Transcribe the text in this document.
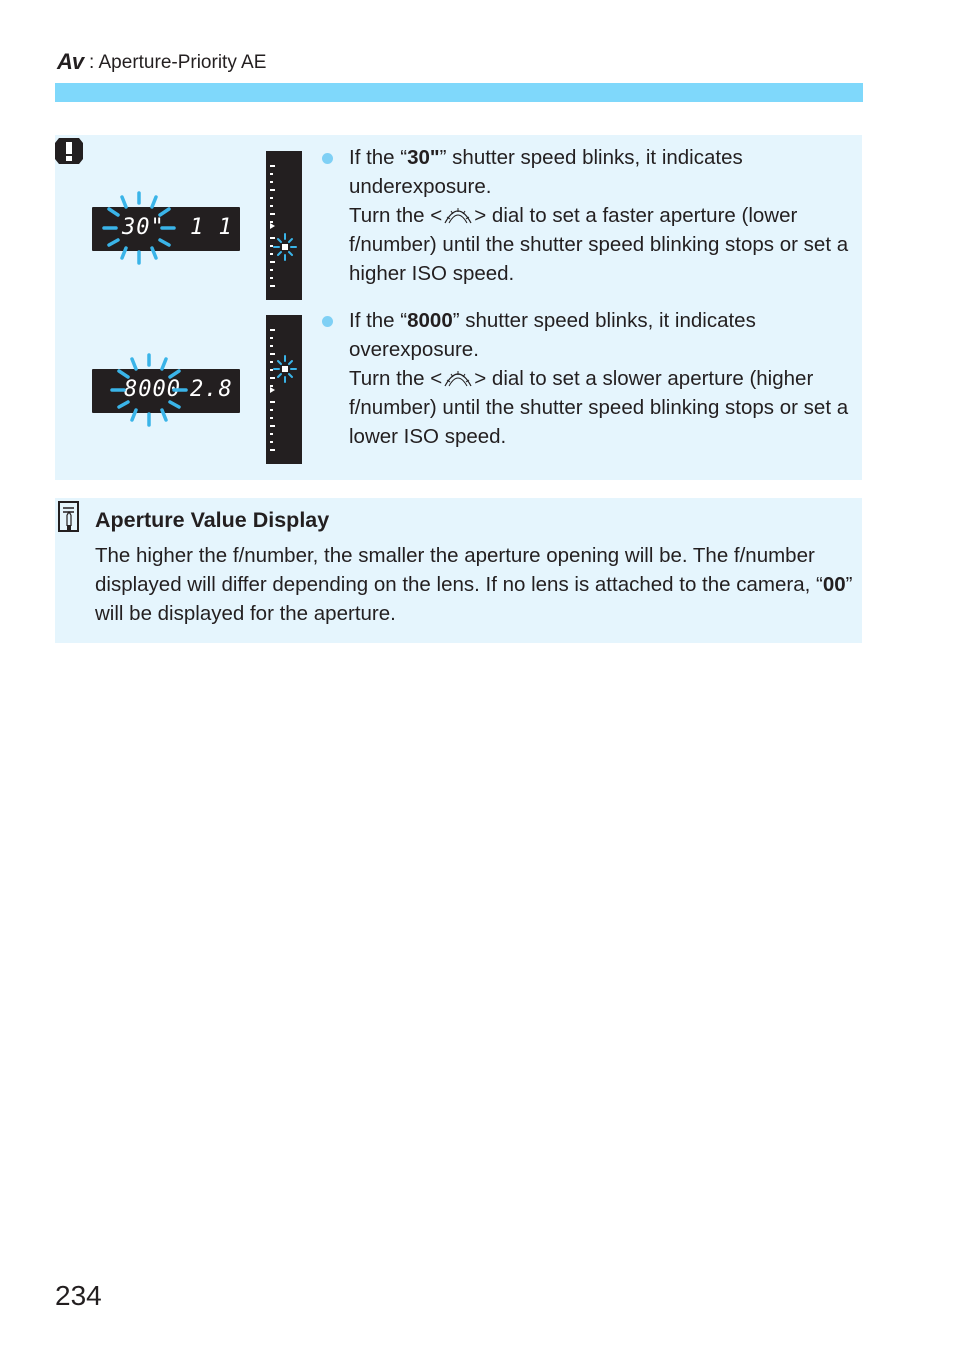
Av : Aperture-Priority AE
30" 1 1
If the “30"” shutter speed blinks, it indicates underexposure.
Turn the < > dial to set a faster aperture (lower f/number) until the shutter speed blinking stops or set a higher ISO speed.
8000 2.8
If the “8000” shutter speed blinks, it indicates overexposure.
Turn the < > dial to set a slower aperture (higher f/number) until the shutter speed blinking stops or set a lower ISO speed.
Aperture Value Display
The higher the f/number, the smaller the aperture opening will be. The f/number displayed will differ depending on the lens. If no lens is attached to the camera, “00” will be displayed for the aperture.
234
